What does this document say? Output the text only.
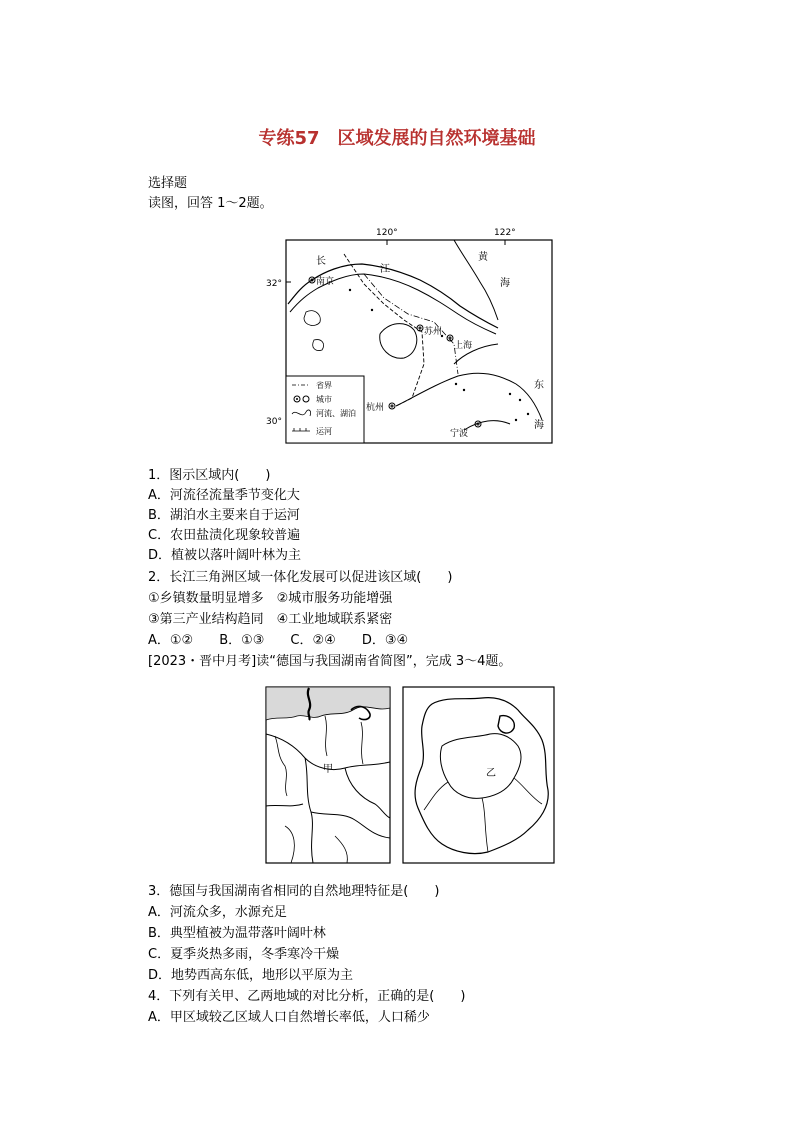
专练57　区域发展的自然环境基础
选择题
读图，回答 1～2题。
120°	122°
32°
30°
长
南京
江
黄
海
苏州
上海
杭州
宁波
东
海
省界
城市
河流、湖泊
运河
1．图示区域内(　　)
A．河流径流量季节变化大
B．湖泊水主要来自于运河
C．农田盐渍化现象较普遍
D．植被以落叶阔叶林为主
2．长江三角洲区域一体化发展可以促进该区域(　　)
①乡镇数量明显增多　②城市服务功能增强
③第三产业结构趋同　④工业地域联系紧密
A．①②　　B．①③　　C．②④　　D．③④
[2023・晋中月考]读“德国与我国湖南省简图”，完成 3～4题。
甲	乙
3．德国与我国湖南省相同的自然地理特征是(　　)
A．河流众多，水源充足
B．典型植被为温带落叶阔叶林
C．夏季炎热多雨，冬季寒冷干燥
D．地势西高东低，地形以平原为主
4．下列有关甲、乙两地域的对比分析，正确的是(　　)
A．甲区域较乙区域人口自然增长率低，人口稀少
